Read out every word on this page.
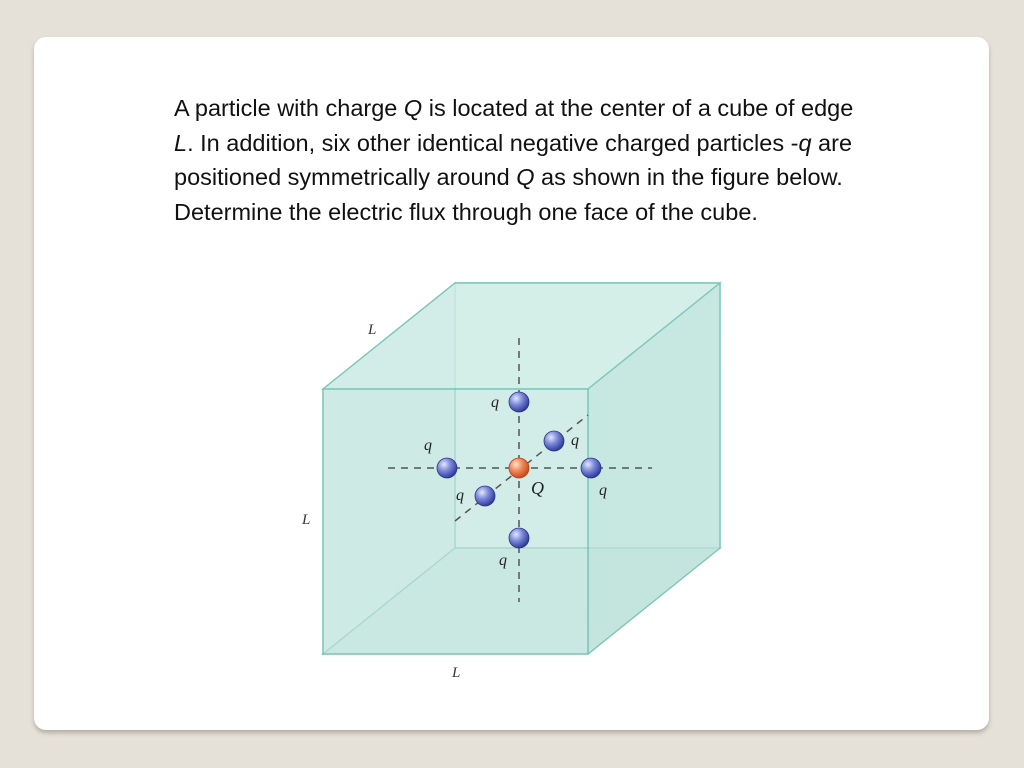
A particle with charge Q is located at the center of a cube of edge L. In addition, six other identical negative charged particles -q are positioned symmetrically around Q as shown in the figure below. Determine the electric flux through one face of the cube.

q
q
q
q
q
q
Q
L
L
L
